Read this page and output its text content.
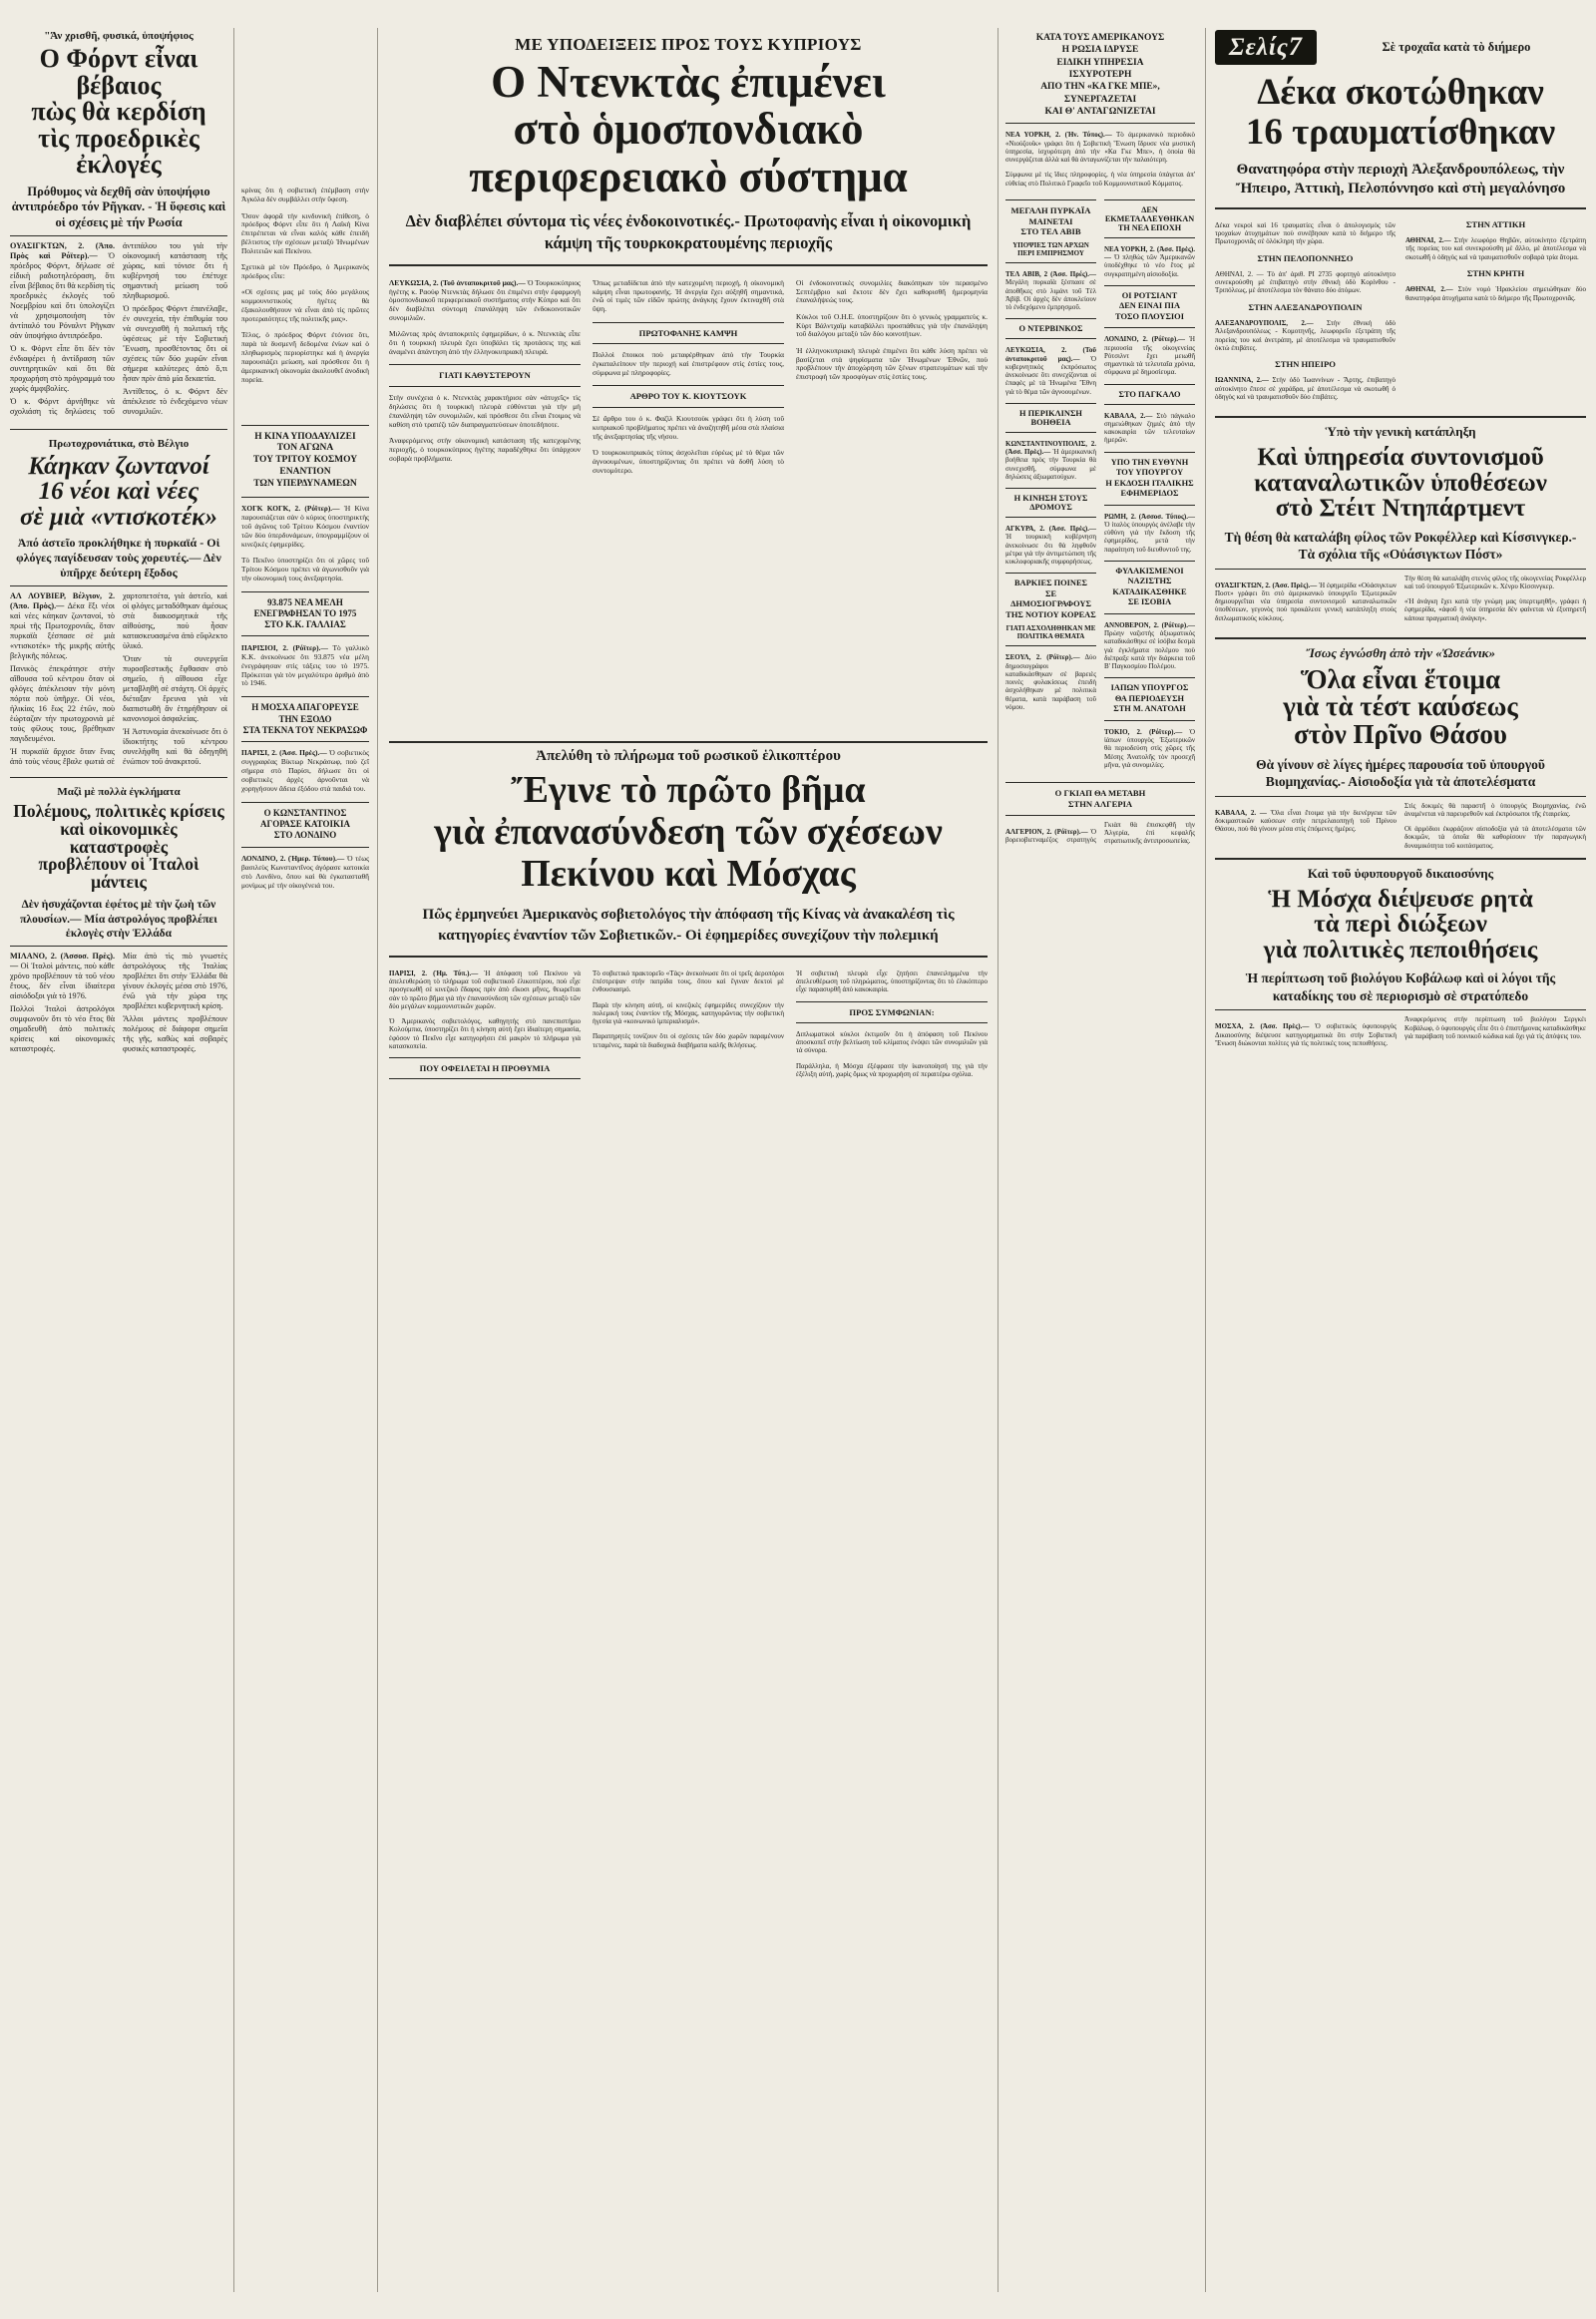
"Άν χρισθῆ, φυσικά, ὑποψήφιος
Ο Φόρντ εἶναι βέβαιος
πὼς θὰ κερδίση
τὶς προεδρικὲς ἐκλογές
Πρόθυμος νὰ δεχθῆ σὰν ὑποψήφιο ἀντιπρόεδρο τόν Ρῆγκαν. - Ἡ ὕφεσις καὶ οἱ σχέσεις μὲ τήν Ρωσία

ΟΥΑΣΙΓΚΤΩΝ, 2. (Ἀπο. Πρὸς καὶ Ρόϊτερ).— Ὁ πρόεδρος Φόρντ, δήλωσε σὲ εἰδικὴ ραδιοτηλεόραση, ὅτι εἶναι βέβαιος ὅτι θὰ κερδίση τὶς προεδρικὲς ἐκλογές τοῦ Νοεμβρίου καὶ ὅτι ὑπολογίζει νὰ χρησιμοποιήση τὸν ἀντίπαλό του Ρόναλντ Ρῆγκαν σὰν ὑποψήφιο ἀντιπρόεδρο.

Ὁ κ. Φόρντ εἶπε ὅτι δὲν τὸν ἐνδιαφέρει ἡ ἀντίδραση τῶν συντηρητικῶν καὶ ὅτι θὰ προχωρήση στὸ πρόγραμμά του χωρὶς ἀμφιβολίες.

Ὁ κ. Φόρντ ἀρνήθηκε νὰ σχολιάση τὶς δηλώσεις τοῦ ἀντιπάλου του γιὰ τὴν οἰκονομική κατάσταση τῆς χώρας, καὶ τόνισε ὅτι ἡ κυβέρνησή του ἐπέτυχε σημαντικὴ μείωση τοῦ πληθωρισμοῦ.

Ὁ πρόεδρος Φόρντ ἐπανέλαβε, ἐν συνεχεία, τὴν ἐπιθυμία του νὰ συνεχισθῆ ἡ πολιτική τῆς ὑφέσεως μὲ τὴν Σοβιετική Ἕνωση, προσθέτοντας ὅτι οἱ σχέσεις τῶν δύο χωρῶν εἶναι σήμερα καλύτερες ἀπὸ ὅ,τι ἦσαν πρὶν ἀπὸ μία δεκαετία.

Ἀντίθετος, ὁ κ. Φόρντ δὲν ἀπέκλεισε τὸ ἐνδεχόμενο νέων συνομιλιῶν.

Πρωτοχρονιάτικα, στὸ Βέλγιο
Κάηκαν ζωντανοί
16 νέοι καὶ νέες
σὲ μιὰ «ντισκοτέκ»
Ἀπό ἀστεῖο προκλήθηκε ἡ πυρκαϊά - Οἱ φλόγες παγίδευσαν τοὺς χορευτές.— Δὲν ὑπῆρχε δεύτερη ἔξοδος

ΑΛ ΛΟΥΒΙΕΡ, Βέλγιον, 2. (Ἀπο. Πρὸς).— Δέκα ἕξι νέοι καὶ νέες κάηκαν ζωντανοί, τὸ πρωὶ τῆς Πρωτοχρονιᾶς, ὅταν πυρκαϊὰ ξέσπασε σὲ μιὰ «ντισκοτέκ» τῆς μικρῆς αὐτῆς βελγικῆς πόλεως.

Πανικὸς ἐπεκράτησε στὴν αἴθουσα τοῦ κέντρου ὅταν οἱ φλόγες ἀπέκλεισαν τὴν μόνη πόρτα ποὺ ὑπῆρχε. Οἱ νέοι, ἡλικίας 16 ἕως 22 ἐτῶν, ποὺ ἑώρταζαν τὴν πρωτοχρονιὰ μὲ τοὺς φίλους τους, βρέθηκαν παγιδευμένοι.

Ἡ πυρκαϊὰ ἄρχισε ὅταν ἕνας ἀπὸ τοὺς νέους ἔβαλε φωτιὰ σὲ χαρτοπετσέτα, γιὰ ἀστεῖο, καὶ οἱ φλόγες μεταδόθηκαν ἀμέσως στὰ διακοσμητικὰ τῆς αἰθούσης, ποὺ ἦσαν κατασκευασμένα ἀπὸ εὔφλεκτο ὑλικό.

Ὅταν τὰ συνεργεῖα πυροσβεστικῆς ἔφθασαν στὸ σημεῖο, ἡ αἴθουσα εἶχε μεταβληθῆ σὲ στάχτη. Οἱ ἀρχὲς διέταξαν ἔρευνα γιὰ νὰ διαπιστωθῆ ἂν ἐτηρήθησαν οἱ κανονισμοὶ ἀσφαλείας.

Ἡ Ἀστυνομία ἀνεκοίνωσε ὅτι ὁ ἰδιοκτήτης τοῦ κέντρου συνελήφθη καὶ θὰ ὁδηγηθῆ ἐνώπιον τοῦ ἀνακριτοῦ.

Μαζὶ μὲ πολλὰ ἐγκλήματα
Πολέμους, πολιτικὲς κρίσεις
καὶ οἰκονομικὲς καταστροφὲς
προβλέπουν οἱ Ἰταλοὶ μάντεις
Δὲν ἡσυχάζονται ἐφέτος μὲ τὴν ζωὴ τῶν πλουσίων.— Μία ἀστρολόγος προβλέπει ἐκλογὲς στὴν Ἑλλάδα

ΜΙΛΑΝΟ, 2. (Ἀσσοσ. Πρὲς).— Οἱ Ἰταλοὶ μάντεις, ποὺ κάθε χρόνο προβλέπουν τὰ τοῦ νέου ἔτους, δὲν εἶναι ἰδιαίτερα αἰσιόδοξοι γιὰ τὸ 1976.

Πολλοὶ Ἰταλοὶ ἀστρολόγοι συμφωνοῦν ὅτι τὸ νέο ἔτος θὰ σημαδευθῆ ἀπὸ πολιτικὲς κρίσεις καὶ οἰκονομικὲς καταστροφές.

Μία ἀπὸ τὶς πιὸ γνωστὲς ἀστρολόγους τῆς Ἰταλίας προβλέπει ὅτι στὴν Ἑλλάδα θὰ γίνουν ἐκλογὲς μέσα στὸ 1976, ἐνῶ γιὰ τὴν χώρα της προβλέπει κυβερνητικὴ κρίση.

Ἄλλοι μάντεις προβλέπουν πολέμους σὲ διάφορα σημεῖα τῆς γῆς, καθὼς καὶ σοβαρὲς φυσικὲς καταστροφές.

κρίνας ὅτι ἡ σοβιετικὴ ἐπέμβαση στὴν Ἀγκόλα δὲν συμβάλλει στὴν ὕφεση.

Ὅσον ἀφορᾶ τὴν κινδυνικὴ ἐπίθεση, ὁ πρόεδρος Φόρντ εἶπε ὅτι ἡ Λαϊκὴ Κίνα ἐπιτρέπεται νὰ εἶναι καλὸς κάθε ἐπειδὴ βέλτιστος τὴν σχέσεων μεταξὺ Ἡνωμένων Πολιτειῶν καὶ Πεκίνου.

Σχετικὰ μὲ τὸν Πρόεδρο, ὁ Ἀμερικανὸς πρόεδρος εἶπε:

«Οἱ σχέσεις μας μὲ τοὺς δύο μεγάλους κομμουνιστικοὺς ἡγέτες θὰ ἐξακολουθήσουν νὰ εἶναι ἀπὸ τὶς πρῶτες προτεραιότητες τῆς πολιτικῆς μας».

Τέλος, ὁ πρόεδρος Φόρντ ἐτόνισε ὅτι, παρὰ τὰ δυσμενῆ δεδομένα ἐνίων καὶ ὁ πληθωρισμὸς περιορίστηκε καὶ ἡ ἀνεργία παρουσιάζει μείωση, καὶ πρόσθεσε ὅτι ἡ ἀμερικανικὴ οἰκονομία ἀκολουθεῖ ἀνοδικὴ πορεία.

Η ΚΙΝΑ ΥΠΟΔΑΥΛΙΖΕΙ
ΤΟΝ ΑΓΩΝΑ
ΤΟΥ ΤΡΙΤΟΥ ΚΟΣΜΟΥ
ΕΝΑΝΤΙΟΝ
ΤΩΝ ΥΠΕΡΔΥΝΑΜΕΩΝ

ΧΟΓΚ ΚΟΓΚ, 2. (Ρόϊτερ).— Ἡ Κίνα παρουσιάζεται σὰν ὁ κύριος ὑποστηρικτὴς τοῦ ἀγῶνος τοῦ Τρίτου Κόσμου ἐναντίον τῶν δύο ὑπερδυνάμεων, ὑπογραμμίζουν οἱ κινεζικὲς ἐφημερίδες.

Τὸ Πεκῖνο ὑποστηρίζει ὅτι οἱ χῶρες τοῦ Τρίτου Κόσμου πρέπει νὰ ἀγωνισθοῦν γιὰ τὴν οἰκονομική τους ἀνεξαρτησία.

93.875 ΝΕΑ ΜΕΛΗ
ΕΝΕΓΡΑΦΗΣΑΝ ΤΟ 1975
ΣΤΟ Κ.Κ. ΓΑΛΛΙΑΣ

ΠΑΡΙΣΙΟΙ, 2. (Ρόϊτερ).— Τὸ γαλλικὸ Κ.Κ. ἀνεκοίνωσε ὅτι 93.875 νέα μέλη ἐνεγράφησαν στὶς τάξεις του τὸ 1975. Πρόκειται γιὰ τὸν μεγαλύτερο ἀριθμὸ ἀπὸ τὸ 1946.

Η ΜΟΣΧΑ ΑΠΑΓΟΡΕΥΣΕ
ΤΗΝ ΕΞΟΔΟ
ΣΤΑ ΤΕΚΝΑ ΤΟΥ ΝΕΚΡΑΣΩΦ

ΠΑΡΙΣΙ, 2. (Ἀσσ. Πρὲς).— Ὁ σοβιετικὸς συγγραφέας Βίκτωρ Νεκράσωφ, ποὺ ζεῖ σήμερα στὸ Παρίσι, δήλωσε ὅτι οἱ σοβιετικὲς ἀρχὲς ἀρνοῦνται νὰ χορηγήσουν ἄδεια ἐξόδου στὰ παιδιά του.

Ο ΚΩΝΣΤΑΝΤΙΝΟΣ
ΑΓΟΡΑΣΕ ΚΑΤΟΙΚΙΑ
ΣΤΟ ΛΟΝΔΙΝΟ

ΛΟΝΔΙΝΟ, 2. (Ἡμερ. Τύπου).— Ὁ τέως βασιλεὺς Κωνσταντῖνος ἀγόρασε κατοικία στὸ Λονδίνο, ὅπου καὶ θὰ ἐγκατασταθῆ μονίμως μὲ τὴν οἰκογένειά του.

ΜΕ ΥΠΟΔΕΙΞΕΙΣ ΠΡΟΣ ΤΟΥΣ ΚΥΠΡΙΟΥΣ
Ο Ντενκτὰς ἐπιμένει
στὸ ὁμοσπονδιακὸ
περιφερειακὸ σύστημα
Δὲν διαβλέπει σύντομα τὶς νέες ἐνδοκοινοτικές.- Πρωτοφανὴς εἶναι ἡ οἰκονομικὴ κάμψη τῆς τουρκοκρατουμένης περιοχῆς

ΛΕΥΚΩΣΙΑ, 2. (Τοῦ ἀνταποκριτοῦ μας).— Ὁ Τουρκοκύπριος ἡγέτης κ. Ραούφ Ντενκτὰς δήλωσε ὅτι ἐπιμένει στὴν ἐφαρμογὴ ὁμοσπονδιακοῦ περιφερειακοῦ συστήματος στὴν Κύπρο καὶ ὅτι δὲν διαβλέπει σύντομη ἐπανάληψη τῶν ἐνδοκοινοτικῶν συνομιλιῶν.

Μιλῶντας πρὸς ἀνταποκριτὲς ἐφημερίδων, ὁ κ. Ντενκτὰς εἶπε ὅτι ἡ τουρκικὴ πλευρὰ ἔχει ὑποβάλει τὶς προτάσεις της καὶ ἀναμένει ἀπάντηση ἀπὸ τὴν ἑλληνοκυπριακὴ πλευρά.

ΓΙΑΤΙ ΚΑΘΥΣΤΕΡΟΥΝ

Στὴν συνέχεια ὁ κ. Ντενκτὰς χαρακτήρισε σὰν «ἀτυχεῖς» τὶς δηλώσεις ὅτι ἡ τουρκικὴ πλευρὰ εὐθύνεται γιὰ τὴν μὴ ἐπανάληψη τῶν συνομιλιῶν, καὶ πρόσθεσε ὅτι εἶναι ἕτοιμος νὰ καθίση στὸ τραπέζι τῶν διαπραγματεύσεων ὁποτεδήποτε.

Ἀναφερόμενος στὴν οἰκονομικὴ κατάσταση τῆς κατεχομένης περιοχῆς, ὁ τουρκοκύπριος ἡγέτης παραδέχθηκε ὅτι ὑπάρχουν σοβαρὰ προβλήματα.

Ὅπως μεταδίδεται ἀπὸ τὴν κατεχομένη περιοχή, ἡ οἰκονομικὴ κάμψη εἶναι πρωτοφανής. Ἡ ἀνεργία ἔχει αὐξηθῆ σημαντικά, ἐνῶ οἱ τιμὲς τῶν εἰδῶν πρώτης ἀνάγκης ἔχουν ἐκτιναχθῆ στὰ ὕψη.

ΠΡΩΤΟΦΑΝΗΣ ΚΑΜΨΗ

Πολλοὶ ἔποικοι ποὺ μεταφέρθηκαν ἀπὸ τὴν Τουρκία ἐγκαταλείπουν τὴν περιοχή καὶ ἐπιστρέφουν στὶς ἑστίες τους, σύμφωνα μὲ πληροφορίες.

ΑΡΘΡΟ ΤΟΥ Κ. ΚΙΟΥΤΣΟΥΚ

Σὲ ἄρθρο του ὁ κ. Φαζὶλ Κιουτσοὺκ γράφει ὅτι ἡ λύση τοῦ κυπριακοῦ προβλήματος πρέπει νὰ ἀναζητηθῆ μέσα στὰ πλαίσια τῆς ἀνεξαρτησίας τῆς νήσου.

Ὁ τουρκοκυπριακὸς τύπος ἀσχολεῖται εὐρέως μὲ τὸ θέμα τῶν ἀγνοουμένων, ὑποστηρίζοντας ὅτι πρέπει νὰ δοθῆ λύση τὸ συντομότερο.

Οἱ ἐνδοκοινοτικὲς συνομιλίες διακόπηκαν τὸν περασμένο Σεπτέμβριο καὶ ἔκτοτε δὲν ἔχει καθορισθῆ ἡμερομηνία ἐπαναλήψεώς τους.

Κύκλοι τοῦ Ο.Η.Ε. ὑποστηρίζουν ὅτι ὁ γενικὸς γραμματεὺς κ. Κὺρτ Βάλντχαϊμ καταβάλλει προσπάθειες γιὰ τὴν ἐπανάληψη τοῦ διαλόγου μεταξὺ τῶν δύο κοινοτήτων.

Ἡ ἑλληνοκυπριακὴ πλευρὰ ἐπιμένει ὅτι κάθε λύση πρέπει νὰ βασίζεται στὰ ψηφίσματα τῶν Ἡνωμένων Ἐθνῶν, ποὺ προβλέπουν τὴν ἀποχώρηση τῶν ξένων στρατευμάτων καὶ τὴν ἐπιστροφὴ τῶν προσφύγων στὶς ἑστίες τους.

Ἀπελύθη τὸ πλήρωμα τοῦ ρωσικοῦ ἑλικοπτέρου
Ἔγινε τὸ πρῶτο βῆμα
γιὰ ἐπανασύνδεση τῶν σχέσεων
Πεκίνου καὶ Μόσχας
Πῶς ἑρμηνεύει Ἀμερικανὸς σοβιετολόγος τὴν ἀπόφαση τῆς Κίνας νὰ ἀνακαλέση τὶς κατηγορίες ἐναντίον τῶν Σοβιετικῶν.- Οἱ ἐφημερίδες συνεχίζουν τὴν πολεμική

ΠΑΡΙΣΙ, 2. (Ἡμ. Τύπ.).— Ἡ ἀπόφαση τοῦ Πεκίνου νὰ ἀπελευθερώση τὸ πλήρωμα τοῦ σοβιετικοῦ ἑλικοπτέρου, ποὺ εἶχε προσγειωθῆ σὲ κινεζικὸ ἔδαφος πρὶν ἀπὸ εἴκοσι μῆνες, θεωρεῖται σὰν τὸ πρῶτο βῆμα γιὰ τὴν ἐπανασύνδεση τῶν σχέσεων μεταξὺ τῶν δύο μεγάλων κομμουνιστικῶν χωρῶν.

Ὁ Ἀμερικανὸς σοβιετολόγος, καθηγητὴς στὸ πανεπιστήμιο Κολούμπια, ὑποστηρίζει ὅτι ἡ κίνηση αὐτὴ ἔχει ἰδιαίτερη σημασία, ἐφόσον τὸ Πεκῖνο εἶχε κατηγορήσει ἐπὶ μακρὸν τὸ πλήρωμα γιὰ κατασκοπεία.

ΠΟΥ ΟΦΕΙΛΕΤΑΙ Η ΠΡΟΘΥΜΙΑ

Τὸ σοβιετικὸ πρακτορεῖο «Τὰς» ἀνεκοίνωσε ὅτι οἱ τρεῖς ἀεροπόροι ἐπέστρεψαν στὴν πατρίδα τους, ὅπου καὶ ἔγιναν δεκτοὶ μὲ ἐνθουσιασμό.

Παρὰ τὴν κίνηση αὐτή, οἱ κινεζικὲς ἐφημερίδες συνεχίζουν τὴν πολεμική τους ἐναντίον τῆς Μόσχας, κατηγορῶντας τὴν σοβιετικὴ ἡγεσία γιὰ «κοινωνικὸ ἰμπεριαλισμό».

Παρατηρητὲς τονίζουν ὅτι οἱ σχέσεις τῶν δύο χωρῶν παραμένουν τεταμένες, παρὰ τὰ διαδοχικὰ διαβήματα καλῆς θελήσεως.

Ἡ σοβιετικὴ πλευρὰ εἶχε ζητήσει ἐπανειλημμένα τὴν ἀπελευθέρωση τοῦ πληρώματος, ὑποστηρίζοντας ὅτι τὸ ἑλικόπτερο εἶχε παρασυρθῆ ἀπὸ κακοκαιρία.

ΠΡΟΣ ΣΥΜΦΩΝΙΑΝ:

Διπλωματικοὶ κύκλοι ἐκτιμοῦν ὅτι ἡ ἀπόφαση τοῦ Πεκίνου ἀποσκοπεῖ στὴν βελτίωση τοῦ κλίματος ἐνόψει τῶν συνομιλιῶν γιὰ τὰ σύνορα.

Παράλληλα, ἡ Μόσχα ἐξέφρασε τὴν ἱκανοποίησή της γιὰ τὴν ἐξέλιξη αὐτή, χωρὶς ὅμως νὰ προχωρήση σὲ περαιτέρω σχόλια.

ΚΑΤΑ ΤΟΥΣ ΑΜΕΡΙΚΑΝΟΥΣ
Η ΡΩΣΙΑ ΙΔΡΥΣΕ
ΕΙΔΙΚΗ ΥΠΗΡΕΣΙΑ
ΙΣΧΥΡΟΤΕΡΗ
ΑΠΟ ΤΗΝ «ΚΑ ΓΚΕ ΜΠΕ»,
ΣΥΝΕΡΓΑΖΕΤΑΙ
ΚΑΙ Θ' ΑΝΤΑΓΩΝΙΖΕΤΑΙ

ΝΕΑ ΥΟΡΚΗ, 2. (Ἡν. Τύπος).— Τὸ ἀμερικανικὸ περιοδικὸ «Νιούζουϊκ» γράφει ὅτι ἡ Σοβιετικὴ Ἕνωση ἵδρυσε νέα μυστικὴ ὑπηρεσία, ἰσχυρότερη ἀπὸ τὴν «Κα Γκε Μπε», ἡ ὁποία θὰ συνεργάζεται ἀλλὰ καὶ θὰ ἀνταγωνίζεται τὴν παλαιότερη.

Σύμφωνα μὲ τὶς ἴδιες πληροφορίες, ἡ νέα ὑπηρεσία ὑπάγεται ἀπ' εὐθείας στὸ Πολιτικὸ Γραφεῖο τοῦ Κομμουνιστικοῦ Κόμματος.

ΜΕΓΑΛΗ ΠΥΡΚΑΪΑ
ΜΑΙΝΕΤΑΙ
ΣΤΟ ΤΕΛ ΑΒΙΒ
ΥΠΟΨΙΕΣ ΤΩΝ ΑΡΧΩΝ ΠΕΡΙ ΕΜΠΡΗΣΜΟΥ

ΤΕΛ ΑΒΙΒ, 2 (Ἀσσ. Πρές).— Μεγάλη πυρκαϊὰ ξέσπασε σὲ ἀποθῆκες στὸ λιμάνι τοῦ Τὲλ Ἀβίβ. Οἱ ἀρχὲς δὲν ἀποκλείουν τὸ ἐνδεχόμενο ἐμπρησμοῦ.

Ο ΝΤΕΡΒΙΝΚΟΣ

ΛΕΥΚΩΣΙΑ, 2. (Τοῦ ἀνταποκριτοῦ μας).— Ὁ κυβερνητικὸς ἐκπρόσωπος ἀνεκοίνωσε ὅτι συνεχίζονται οἱ ἐπαφὲς μὲ τὰ Ἡνωμένα Ἔθνη γιὰ τὸ θέμα τῶν ἀγνοουμένων.

Η ΠΕΡΙΚΛΙΝΣΗ ΒΟΗΘΕΙΑ

ΚΩΝΣΤΑΝΤΙΝΟΥΠΟΛΙΣ, 2. (Ἀσσ. Πρὲς).— Ἡ ἀμερικανικὴ βοήθεια πρὸς τὴν Τουρκία θὰ συνεχισθῆ, σύμφωνα μὲ δηλώσεις ἀξιωματούχων.

Η ΚΙΝΗΣΗ ΣΤΟΥΣ ΔΡΟΜΟΥΣ

ΑΓΚΥΡΑ, 2. (Ἀσσ. Πρὲς).— Ἡ τουρκικὴ κυβέρνηση ἀνεκοίνωσε ὅτι θὰ ληφθοῦν μέτρα γιὰ τὴν ἀντιμετώπιση τῆς κυκλοφοριακῆς συμφορήσεως.

ΒΑΡΚΙΕΣ ΠΟΙΝΕΣ
ΣΕ ΔΗΜΟΣΙΟΓΡΑΦΟΥΣ
ΤΗΣ ΝΟΤΙΟΥ ΚΟΡΕΑΣ
ΓΙΑΤΙ ΑΣΧΟΛΗΘΗΚΑΝ ΜΕ ΠΟΛΙΤΙΚΑ ΘΕΜΑΤΑ

ΣΕΟΥΛ, 2. (Ρόϊτερ).— Δύο δημοσιογράφοι καταδικάσθηκαν σὲ βαρειὲς ποινὲς φυλακίσεως ἐπειδὴ ἀσχολήθηκαν μὲ πολιτικὰ θέματα, κατὰ παράβαση τοῦ νόμου.

ΔΕΝ ΕΚΜΕΤΑΛΛΕΥΘΗΚΑΝ ΤΗ ΝΕΑ ΕΠΟΧΗ

ΝΕΑ ΥΟΡΚΗ, 2. (Ἀσσ. Πρὲς).— Ὁ πληθὼς τῶν Ἀμερικανῶν ὑποδέχθηκε τὸ νέο ἔτος μὲ συγκρατημένη αἰσιοδοξία.

ΟΙ ΡΟΤΣΙΑΝΤ
ΔΕΝ ΕΙΝΑΙ ΠΙΑ
ΤΟΣΟ ΠΛΟΥΣΙΟΙ

ΛΟΝΔΙΝΟ, 2. (Ρόϊτερ).— Ἡ περιουσία τῆς οἰκογενείας Ρότσιλντ ἔχει μειωθῆ σημαντικὰ τὰ τελευταῖα χρόνια, σύμφωνα μὲ δημοσίευμα.

ΣΤΟ ΠΑΓΚΑΛΟ

ΚΑΒΑΛΑ, 2.— Στὸ πάγκαλο σημειώθηκαν ζημιὲς ἀπὸ τὴν κακοκαιρία τῶν τελευταίων ἡμερῶν.

ΥΠΟ ΤΗΝ ΕΥΘΥΝΗ
ΤΟΥ ΥΠΟΥΡΓΟΥ
Η ΕΚΔΟΣΗ ΙΤΑΛΙΚΗΣ
ΕΦΗΜΕΡΙΔΟΣ

ΡΩΜΗ, 2. (Ἀσσοσ. Τύπος).— Ὁ ἰταλὸς ὑπουργὸς ἀνέλαβε τὴν εὐθύνη γιὰ τὴν ἔκδοση τῆς ἐφημερίδος, μετὰ τὴν παραίτηση τοῦ διευθυντοῦ της.

ΦΥΛΑΚΙΣΜΕΝΟΙ
ΝΑΖΙΣΤΗΣ
ΚΑΤΑΔΙΚΑΣΘΗΚΕ
ΣΕ ΙΣΟΒΙΑ

ΑΝΝΟΒΕΡΟΝ, 2. (Ρόϊτερ).— Πρώην ναζιστὴς ἀξιωματικὸς καταδικάσθηκε σὲ ἰσόβια δεσμὰ γιὰ ἐγκλήματα πολέμου ποὺ διέπραξε κατὰ τὴν διάρκεια τοῦ Β' Παγκοσμίου Πολέμου.

ΙΑΠΩΝ ΥΠΟΥΡΓΟΣ
ΘΑ ΠΕΡΙΟΔΕΥΣΗ
ΣΤΗ Μ. ΑΝΑΤΟΛΗ

ΤΟΚΙΟ, 2. (Ρόϊτερ).— Ὁ ἰάπων ὑπουργὸς Ἐξωτερικῶν θὰ περιοδεύση στὶς χῶρες τῆς Μέσης Ἀνατολῆς τὸν προσεχῆ μῆνα, γιὰ συνομιλίες.

Ο ΓΚΙΑΠ ΘΑ ΜΕΤΑΒΗ
ΣΤΗΝ ΑΛΓΕΡΙΑ

ΑΛΓΕΡΙΟΝ, 2. (Ρόϊτερ).— Ὁ βορειοβιετναμέζος στρατηγὸς Γκιὰπ θὰ ἐπισκεφθῆ τὴν Ἀλγερία, ἐπὶ κεφαλῆς στρατιωτικῆς ἀντιπροσωπείας.

Σελίς7	Σὲ τροχαῖα κατὰ τὸ διήμερο
Δέκα σκοτώθηκαν
16 τραυματίσθηκαν
Θανατηφόρα στὴν περιοχὴ Ἀλεξανδρουπόλεως, τὴν Ἤπειρο, Ἀττικὴ, Πελοπόννησο καὶ στὴ μεγαλόνησο

Δέκα νεκροὶ καὶ 16 τραυματίες εἶναι ὁ ἀπολογισμὸς τῶν τροχαίων ἀτυχημάτων ποὺ συνέβησαν κατὰ τὸ διήμερο τῆς Πρωτοχρονιᾶς σὲ ὁλόκληρη τὴν χώρα.

ΣΤΗΝ ΠΕΛΟΠΟΝΝΗΣΟ

ΑΘΗΝΑΙ, 2. — Τὸ ἀπ' ἀριθ. ΡΙ 2735 φορτηγὸ αὐτοκίνητο συνεκρούσθη μὲ ἐπιβατηγὸ στὴν ἐθνικὴ ὁδὸ Κορίνθου - Τριπόλεως, μὲ ἀποτέλεσμα τὸν θάνατο δύο ἀτόμων.

ΣΤΗΝ ΑΛΕΞΑΝΔΡΟΥΠΟΛΙΝ

ΑΛΕΞΑΝΔΡΟΥΠΟΛΙΣ, 2.— Στὴν ἐθνικὴ ὁδὸ Ἀλεξανδρουπόλεως - Κομοτηνῆς, λεωφορεῖο ἐξετράπη τῆς πορείας του καὶ ἀνετράπη, μὲ ἀποτέλεσμα νὰ τραυματισθοῦν ὀκτὼ ἐπιβάτες.

ΣΤΗΝ ΗΠΕΙΡΟ

ΙΩΑΝΝΙΝΑ, 2.— Στὴν ὁδὸ Ἰωαννίνων - Ἄρτης, ἐπιβατηγὸ αὐτοκίνητο ἔπεσε σὲ χαράδρα, μὲ ἀποτέλεσμα νὰ σκοτωθῆ ὁ ὁδηγὸς καὶ νὰ τραυματισθοῦν δύο ἐπιβάτες.

ΣΤΗΝ ΑΤΤΙΚΗ

ΑΘΗΝΑΙ, 2.— Στὴν λεωφόρο Θηβῶν, αὐτοκίνητο ἐξετράπη τῆς πορείας του καὶ συνεκρούσθη μὲ ἄλλο, μὲ ἀποτέλεσμα νὰ σκοτωθῆ ὁ ὁδηγὸς καὶ νὰ τραυματισθοῦν σοβαρὰ τρία ἄτομα.

ΣΤΗΝ ΚΡΗΤΗ

ΑΘΗΝΑΙ, 2.— Στὸν νομὸ Ἡρακλείου σημειώθηκαν δύο θανατηφόρα ἀτυχήματα κατὰ τὸ διήμερο τῆς Πρωτοχρονιᾶς.

Ὑπὸ τὴν γενικὴ κατάπληξη
Καὶ ὑπηρεσία συντονισμοῦ
καταναλωτικῶν ὑποθέσεων
στὸ Στέιτ Ντηπάρτμεντ
Τὴ θέση θὰ καταλάβη φίλος τῶν Ροκφέλλερ καὶ Κίσσινγκερ.- Τὰ σχόλια τῆς «Οὐάσιγκτων Πόστ»

ΟΥΑΣΙΓΚΤΩΝ, 2. (Ἀσσ. Πρὲς).— Ἡ ἐφημερίδα «Οὐάσιγκτων Ποστ» γράφει ὅτι στὸ ἀμερικανικὸ ὑπουργεῖο Ἐξωτερικῶν δημιουργεῖται νέα ὑπηρεσία συντονισμοῦ καταναλωτικῶν ὑποθέσεων, γεγονὸς ποὺ προκάλεσε γενικὴ κατάπληξη στοὺς διπλωματικοὺς κύκλους.

Τὴν θέση θὰ καταλάβη στενὸς φίλος τῆς οἰκογενείας Ροκφέλλερ καὶ τοῦ ὑπουργοῦ Ἐξωτερικῶν κ. Χένρυ Κίσσινγκερ.

«Ἡ ἀνάγκη ἔχει κατὰ τὴν γνώμη μας ὑπερτιμηθῆ», γράφει ἡ ἐφημερίδα, «ἀφοῦ ἡ νέα ὑπηρεσία δὲν φαίνεται νὰ ἐξυπηρετῆ κάποια πραγματικὴ ἀνάγκη».

Ἴσως ἐγνώσθη ἀπὸ τὴν «Ὠσεάνικ»
Ὅλα εἶναι ἕτοιμα
γιὰ τὰ τέστ καύσεως
στὸν Πρῖνο Θάσου
Θὰ γίνουν σὲ λίγες ἡμέρες παρουσία τοῦ ὑπουργοῦ Βιομηχανίας.- Αἰσιοδοξία γιὰ τὰ ἀποτελέσματα

ΚΑΒΑΛΑ, 2. — Ὅλα εἶναι ἕτοιμα γιὰ τὴν διενέργεια τῶν δοκιμαστικῶν καύσεων στὴν πετρελαιοπηγὴ τοῦ Πρίνου Θάσου, ποὺ θὰ γίνουν μέσα στὶς ἑπόμενες ἡμέρες.

Στὶς δοκιμὲς θὰ παραστῆ ὁ ὑπουργὸς Βιομηχανίας, ἐνῶ ἀναμένεται νὰ παρευρεθοῦν καὶ ἐκπρόσωποι τῆς ἑταιρείας.

Οἱ ἁρμόδιοι ἐκφράζουν αἰσιοδοξία γιὰ τὰ ἀποτελέσματα τῶν δοκιμῶν, τὰ ὁποῖα θὰ καθορίσουν τὴν παραγωγικὴ δυναμικότητα τοῦ κοιτάσματος.

Καὶ τοῦ ὑφυπουργοῦ δικαιοσύνης
Ἡ Μόσχα διέψευσε ρητὰ
τὰ περὶ διώξεων
γιὰ πολιτικὲς πεποιθήσεις
Ἡ περίπτωση τοῦ βιολόγου Κοβάλωφ καὶ οἱ λόγοι τῆς καταδίκης του σὲ περιορισμὸ σὲ στρατόπεδο

ΜΟΣΧΑ, 2. (Ἀσσ. Πρὲς).— Ὁ σοβιετικὸς ὑφυπουργὸς Δικαιοσύνης διέψευσε κατηγορηματικὰ ὅτι στὴν Σοβιετικὴ Ἕνωση διώκονται πολίτες γιὰ τὶς πολιτικές τους πεποιθήσεις.

Ἀναφερόμενος στὴν περίπτωση τοῦ βιολόγου Σεργκέι Κοβάλωφ, ὁ ὑφυπουργὸς εἶπε ὅτι ὁ ἐπιστήμονας καταδικάσθηκε γιὰ παράβαση τοῦ ποινικοῦ κώδικα καὶ ὄχι γιὰ τὶς ἀπόψεις του.
